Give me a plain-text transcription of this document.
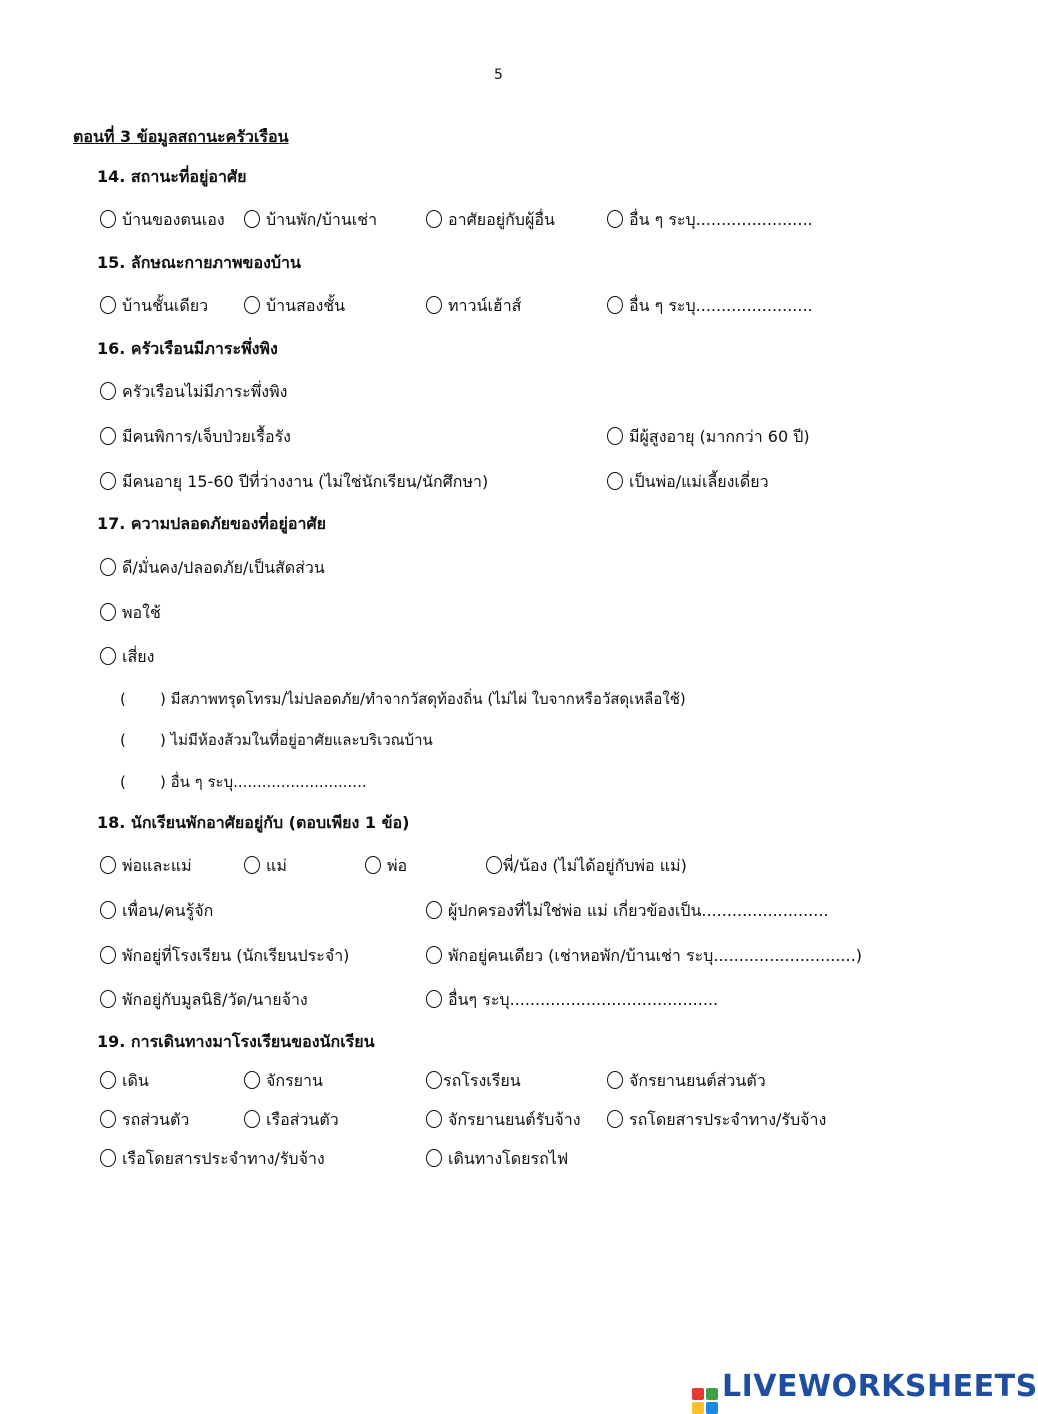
5
ตอนที่ 3 ข้อมูลสถานะครัวเรือน
14. สถานะที่อยู่อาศัย
บ้านของตนเอง	บ้านพัก/บ้านเช่า	อาศัยอยู่กับผู้อื่น	อื่น ๆ ระบุ.......................
15. ลักษณะกายภาพของบ้าน
บ้านชั้นเดียว	บ้านสองชั้น	ทาวน์เฮ้าส์	อื่น ๆ ระบุ.......................
16. ครัวเรือนมีภาระพึ่งพิง
ครัวเรือนไม่มีภาระพึ่งพิง
มีคนพิการ/เจ็บป่วยเรื้อรัง	มีผู้สูงอายุ (มากกว่า 60 ปี)
มีคนอายุ 15-60 ปีที่ว่างงาน (ไม่ใช่นักเรียน/นักศึกษา)	เป็นพ่อ/แม่เลี้ยงเดี่ยว
17. ความปลอดภัยของที่อยู่อาศัย
ดี/มั่นคง/ปลอดภัย/เป็นสัดส่วน
พอใช้
เสี่ยง
( ) มีสภาพทรุดโทรม/ไม่ปลอดภัย/ทำจากวัสดุท้องถิ่น (ไม่ไผ่ ใบจากหรือวัสดุเหลือใช้)
( ) ไม่มีห้องส้วมในที่อยู่อาศัยและบริเวณบ้าน
( ) อื่น ๆ ระบุ............................
18. นักเรียนพักอาศัยอยู่กับ (ตอบเพียง 1 ข้อ)
พ่อและแม่	แม่	พ่อ	พี่/น้อง (ไม่ได้อยู่กับพ่อ แม่)
เพื่อน/คนรู้จัก	ผู้ปกครองที่ไม่ใช่พ่อ แม่ เกี่ยวข้องเป็น.........................
พักอยู่ที่โรงเรียน (นักเรียนประจำ)	พักอยู่คนเดียว (เช่าหอพัก/บ้านเช่า ระบุ............................)
พักอยู่กับมูลนิธิ/วัด/นายจ้าง	อื่นๆ ระบุ.........................................
19. การเดินทางมาโรงเรียนของนักเรียน
เดิน	จักรยาน	รถโรงเรียน	จักรยานยนต์ส่วนตัว
รถส่วนตัว	เรือส่วนตัว	จักรยานยนต์รับจ้าง	รถโดยสารประจำทาง/รับจ้าง
เรือโดยสารประจำทาง/รับจ้าง	เดินทางโดยรถไฟ
LIVEWORKSHEETS
